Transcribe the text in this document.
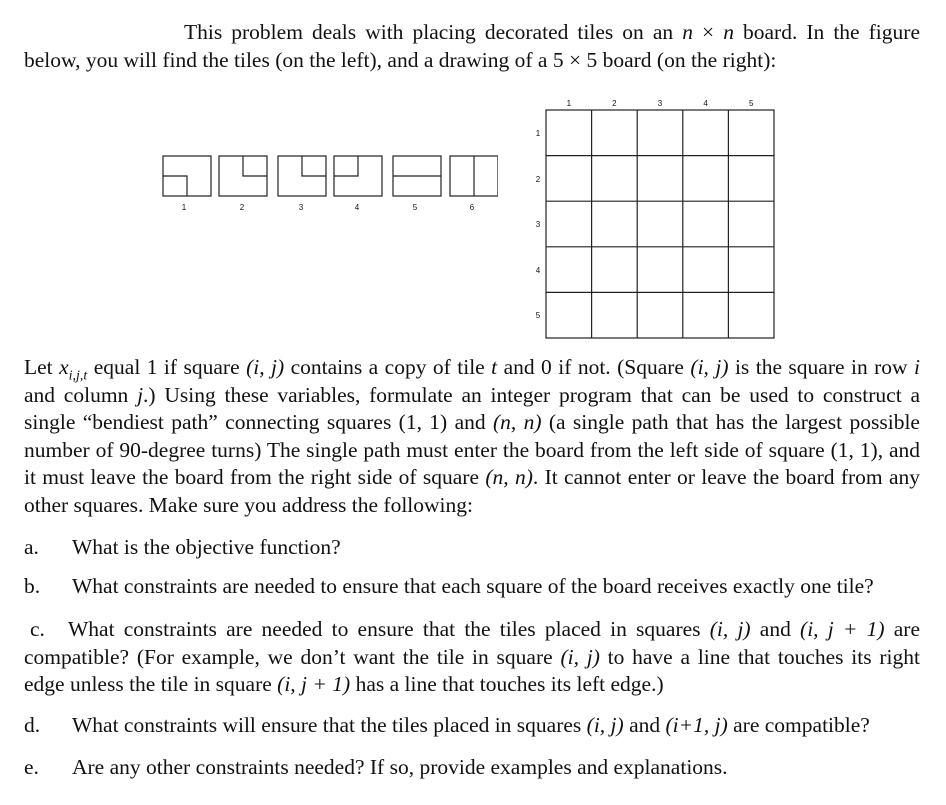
This problem deals with placing decorated tiles on an n × n board. In the figure below, you will find the tiles (on the left), and a drawing of a 5 × 5 board (on the right):
1	2	3	4	5	6
1	2	3	4	5
1
2
3
4
5
Let $x_{i,j,t}$ equal 1 if square (i, j) contains a copy of tile t and 0 if not. (Square (i, j) is the square in row i and column j.) Using these variables, formulate an integer program that can be used to construct a single “bendiest path” connecting squares (1, 1) and (n, n) (a single path that has the largest possible number of 90-degree turns) The single path must enter the board from the left side of square (1, 1), and it must leave the board from the right side of square (n, n). It cannot enter or leave the board from any other squares. Make sure you address the following:
a. What is the objective function?
b. What constraints are needed to ensure that each square of the board receives exactly one tile?
c. What constraints are needed to ensure that the tiles placed in squares (i, j) and (i, j + 1) are compatible? (For example, we don’t want the tile in square (i, j) to have a line that touches its right edge unless the tile in square (i, j + 1) has a line that touches its left edge.)
d. What constraints will ensure that the tiles placed in squares (i, j) and (i+1, j) are compatible?
e. Are any other constraints needed? If so, provide examples and explanations.
